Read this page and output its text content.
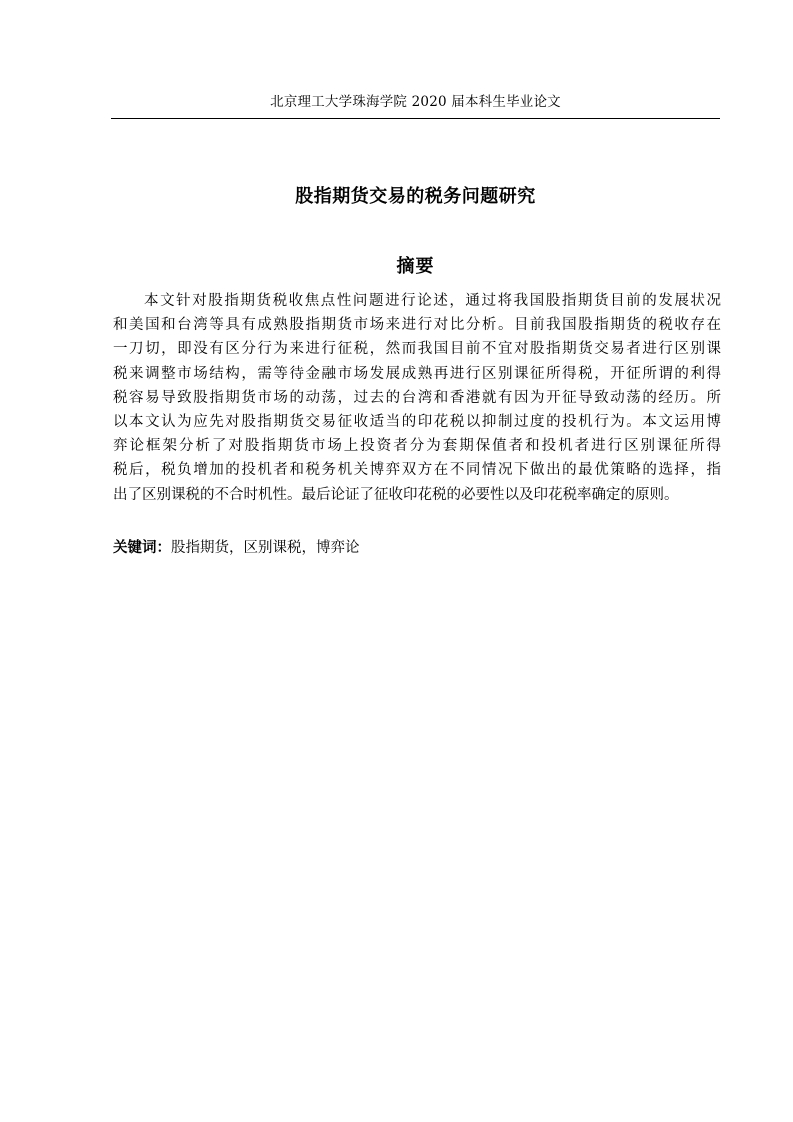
北京理工大学珠海学院 2020 届本科生毕业论文
股指期货交易的税务问题研究
摘要
本文针对股指期货税收焦点性问题进行论述，通过将我国股指期货目前的发展状况
和美国和台湾等具有成熟股指期货市场来进行对比分析。目前我国股指期货的税收存在
一刀切，即没有区分行为来进行征税，然而我国目前不宜对股指期货交易者进行区别课
税来调整市场结构，需等待金融市场发展成熟再进行区别课征所得税，开征所谓的利得
税容易导致股指期货市场的动荡，过去的台湾和香港就有因为开征导致动荡的经历。所
以本文认为应先对股指期货交易征收适当的印花税以抑制过度的投机行为。本文运用博
弈论框架分析了对股指期货市场上投资者分为套期保值者和投机者进行区别课征所得
税后，税负增加的投机者和税务机关博弈双方在不同情况下做出的最优策略的选择，指
出了区别课税的不合时机性。最后论证了征收印花税的必要性以及印花税率确定的原则。
关键词：股指期货，区别课税，博弈论
